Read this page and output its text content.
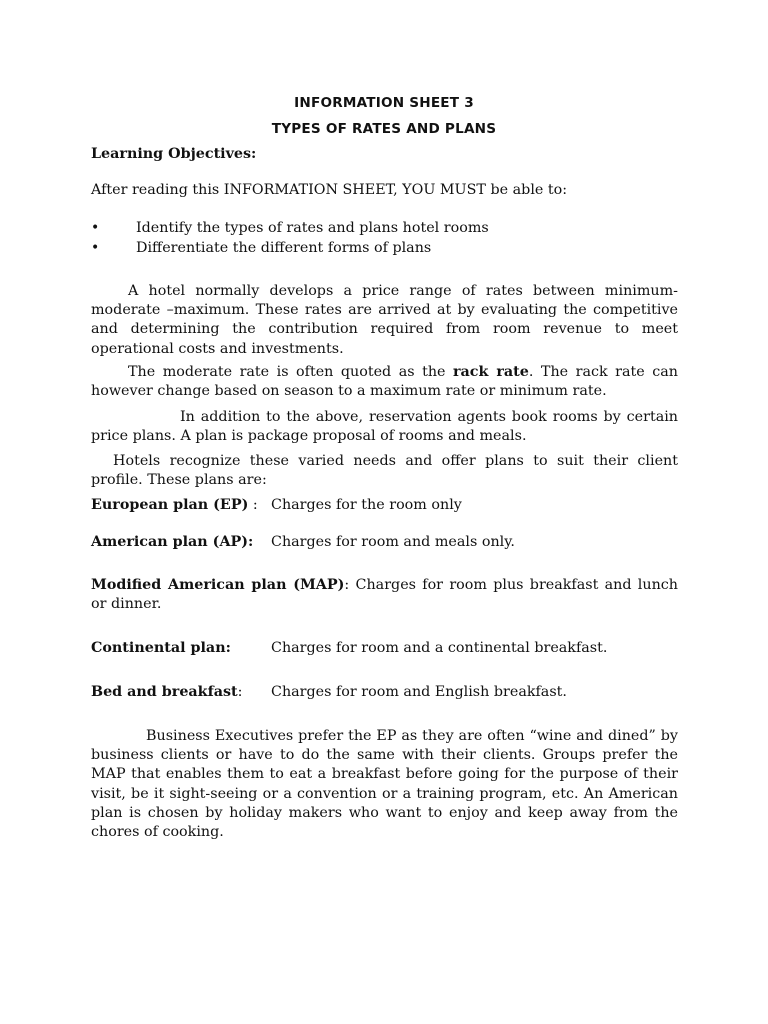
INFORMATION SHEET 3
TYPES OF RATES AND PLANS
Learning Objectives:
After reading this INFORMATION SHEET, YOU MUST be able to:
•	Identify the types of rates and plans hotel rooms
•	Differentiate the different forms of plans

A hotel normally develops a price range of rates between minimum-moderate –maximum. These rates are arrived at by evaluating the competitive and determining the contribution required from room revenue to meet operational costs and investments.

The moderate rate is often quoted as the rack rate. The rack rate can however change based on season to a maximum rate or minimum rate.

In addition to the above, reservation agents book rooms by certain price plans. A plan is package proposal of rooms and meals.

Hotels recognize these varied needs and offer plans to suit their client profile. These plans are:

European plan (EP) : Charges for the room only
American plan (AP): Charges for room and meals only.

Modified American plan (MAP): Charges for room plus breakfast and lunch or dinner.

Continental plan:	Charges for room and a continental breakfast.
Bed and breakfast: Charges for room and English breakfast.

Business Executives prefer the EP as they are often “wine and dined” by business clients or have to do the same with their clients. Groups prefer the MAP that enables them to eat a breakfast before going for the purpose of their visit, be it sight-seeing or a convention or a training program, etc. An American plan is chosen by holiday makers who want to enjoy and keep away from the chores of cooking.
